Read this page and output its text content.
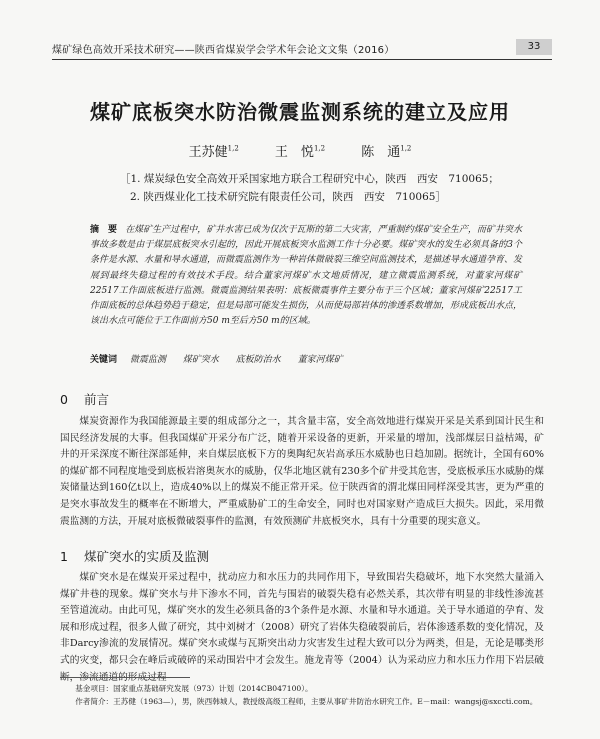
煤矿绿色高效开采技术研究——陕西省煤炭学会学术年会论文文集（2016）	33
煤矿底板突水防治微震监测系统的建立及应用
王苏健$^{1,2}$	王　悦$^{1,2}$	陈　通$^{1,2}$
［1. 煤炭绿色安全高效开采国家地方联合工程研究中心，陕西　西安　710065；
2. 陕西煤业化工技术研究院有限责任公司，陕西　西安　710065］
摘　要 在煤矿生产过程中，矿井水害已成为仅次于瓦斯的第二大灾害，严重制约煤矿安全生产，而矿井突水事故多数是由于煤层底板突水引起的，因此开展底板突水监测工作十分必要。煤矿突水的发生必须具备的3个条件是水源、水量和导水通道，而微震监测作为一种岩体微破裂三维空间监测技术，是描述导水通道孕育、发展到最终失稳过程的有效技术手段。结合董家河煤矿水文地质情况，建立微震监测系统，对董家河煤矿22517工作面底板进行监测。微震监测结果表明：底板微震事件主要分布于三个区域；董家河煤矿22517工作面底板的总体趋势趋于稳定，但是局部可能发生损伤，从而使局部岩体的渗透系数增加，形成底板出水点，该出水点可能位于工作面前方50 m至后方50 m的区域。
关键词 微震监测 煤矿突水 底板防治水 董家河煤矿
0 前言
煤炭资源作为我国能源最主要的组成部分之一，其含量丰富，安全高效地进行煤炭开采是关系到国计民生和国民经济发展的大事。但我国煤矿开采分布广泛，随着开采设备的更新，开采量的增加，浅部煤层日益枯竭，矿井的开采深度不断往深部延伸，来自煤层底板下方的奥陶纪灰岩高承压水威胁也日趋加剧。据统计，全国有60%的煤矿都不同程度地受到底板岩溶奥灰水的威胁，仅华北地区就有230多个矿井受其危害，受底板承压水威胁的煤炭储量达到160亿t以上，造成40%以上的煤炭不能正常开采。位于陕西省的渭北煤田同样深受其害，更为严重的是突水事故发生的概率在不断增大，严重威胁矿工的生命安全，同时也对国家财产造成巨大损失。因此，采用微震监测的方法，开展对底板微破裂事件的监测，有效预测矿井底板突水，具有十分重要的现实意义。
1 煤矿突水的实质及监测
煤矿突水是在煤炭开采过程中，扰动应力和水压力的共同作用下，导致围岩失稳破坏，地下水突然大量涌入煤矿井巷的现象。煤矿突水与井下渗水不同，首先与围岩的破裂失稳有必然关系，其次带有明显的非线性渗流甚至管道流动。由此可见，煤矿突水的发生必须具备的3个条件是水源、水量和导水通道。关于导水通道的孕育、发展和形成过程，很多人做了研究，其中刘树才（2008）研究了岩体失稳破裂前后，岩体渗透系数的变化情况，及非Darcy渗流的发展情况。煤矿突水或煤与瓦斯突出动力灾害发生过程大致可以分为两类，但是，无论是哪类形式的灾变，都只会在峰后或破碎的采动围岩中才会发生。施龙青等（2004）认为采动应力和水压力作用下岩层破断，渗流通道的形成过程
基金项目：国家重点基础研究发展（973）计划（2014CB047100）。
作者简介：王苏健（1963—），男，陕西韩城人，教授级高级工程师，主要从事矿井防治水研究工作。E－mail：wangsj@sxccti.com。
